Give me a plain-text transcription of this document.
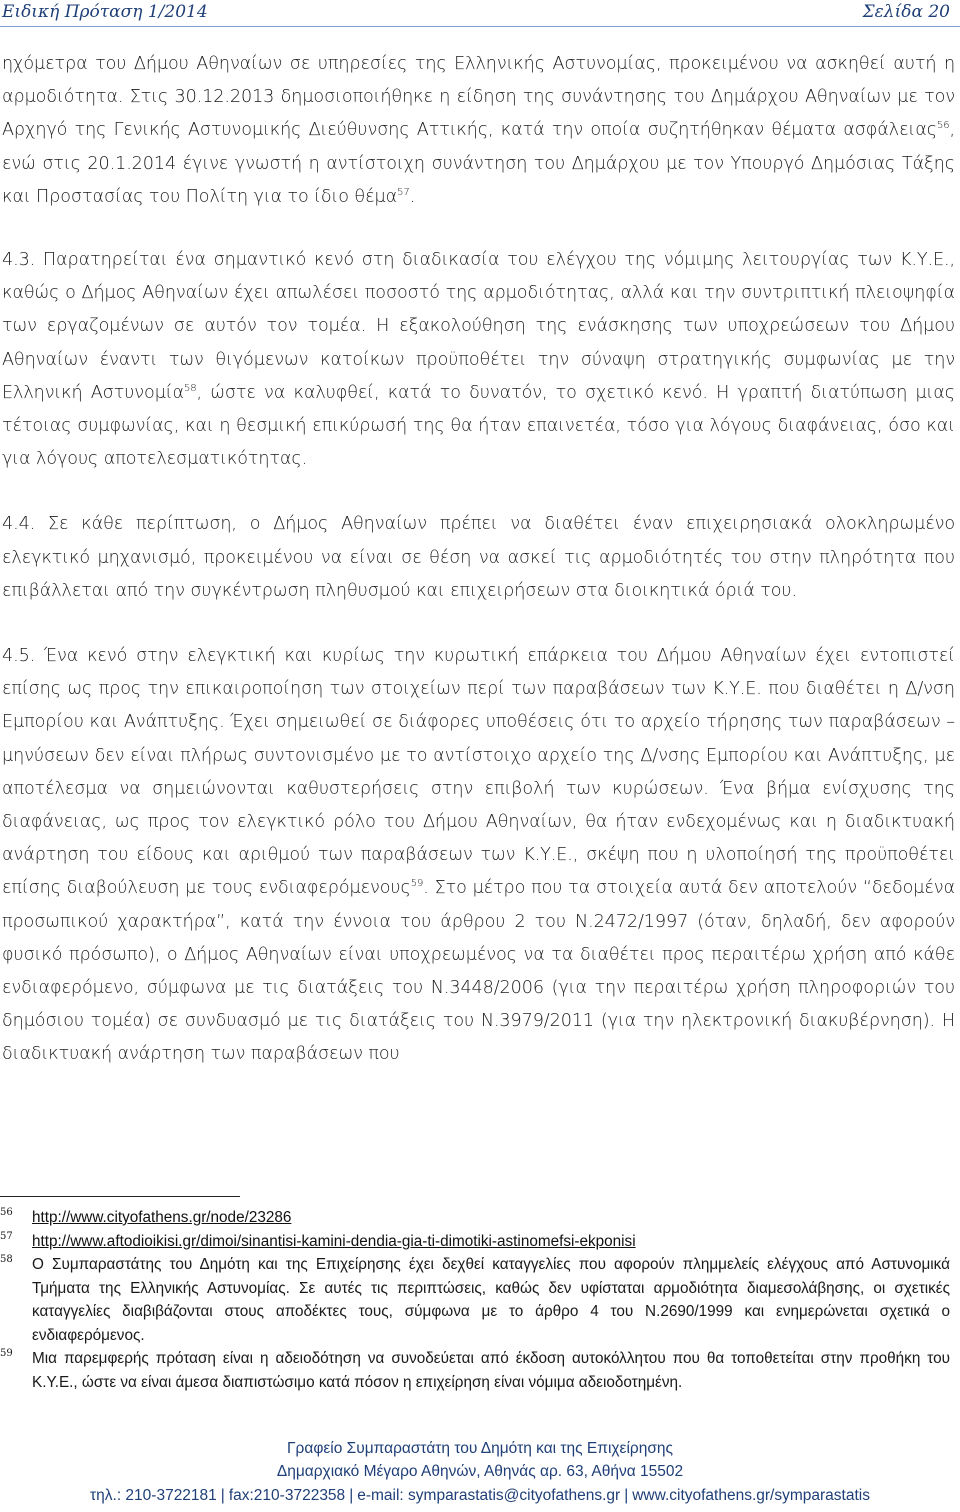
Ειδική Πρόταση 1/2014	Σελίδα 20

ηχόμετρα του Δήμου Αθηναίων σε υπηρεσίες της Ελληνικής Αστυνομίας, προκειμένου να ασκηθεί αυτή η αρμοδιότητα. Στις 30.12.2013 δημοσιοποιήθηκε η είδηση της συνάντησης του Δημάρχου Αθηναίων με τον Αρχηγό της Γενικής Αστυνομικής Διεύθυνσης Αττικής, κατά την οποία συζητήθηκαν θέματα ασφάλειας$^{56}$, ενώ στις 20.1.2014 έγινε γνωστή η αντίστοιχη συνάντηση του Δημάρχου με τον Υπουργό Δημόσιας Τάξης και Προστασίας του Πολίτη για το ίδιο θέμα$^{57}$.

4.3. Παρατηρείται ένα σημαντικό κενό στη διαδικασία του ελέγχου της νόμιμης λειτουργίας των Κ.Υ.Ε., καθώς ο Δήμος Αθηναίων έχει απωλέσει ποσοστό της αρμοδιότητας, αλλά και την συντριπτική πλειοψηφία των εργαζομένων σε αυτόν τον τομέα. Η εξακολούθηση της ενάσκησης των υποχρεώσεων του Δήμου Αθηναίων έναντι των θιγόμενων κατοίκων προϋποθέτει την σύναψη στρατηγικής συμφωνίας με την Ελληνική Αστυνομία$^{58}$, ώστε να καλυφθεί, κατά το δυνατόν, το σχετικό κενό. Η γραπτή διατύπωση μιας τέτοιας συμφωνίας, και η θεσμική επικύρωσή της θα ήταν επαινετέα, τόσο για λόγους διαφάνειας, όσο και για λόγους αποτελεσματικότητας.

4.4. Σε κάθε περίπτωση, ο Δήμος Αθηναίων πρέπει να διαθέτει έναν επιχειρησιακά ολοκληρωμένο ελεγκτικό μηχανισμό, προκειμένου να είναι σε θέση να ασκεί τις αρμοδιότητές του στην πληρότητα που επιβάλλεται από την συγκέντρωση πληθυσμού και επιχειρήσεων στα διοικητικά όριά του.

4.5. Ένα κενό στην ελεγκτική και κυρίως την κυρωτική επάρκεια του Δήμου Αθηναίων έχει εντοπιστεί επίσης ως προς την επικαιροποίηση των στοιχείων περί των παραβάσεων των Κ.Υ.Ε. που διαθέτει η Δ/νση Εμπορίου και Ανάπτυξης. Έχει σημειωθεί σε διάφορες υποθέσεις ότι το αρχείο τήρησης των παραβάσεων – μηνύσεων δεν είναι πλήρως συντονισμένο με το αντίστοιχο αρχείο της Δ/νσης Εμπορίου και Ανάπτυξης, με αποτέλεσμα να σημειώνονται καθυστερήσεις στην επιβολή των κυρώσεων. Ένα βήμα ενίσχυσης της διαφάνειας, ως προς τον ελεγκτικό ρόλο του Δήμου Αθηναίων, θα ήταν ενδεχομένως και η διαδικτυακή ανάρτηση του είδους και αριθμού των παραβάσεων των Κ.Υ.Ε., σκέψη που η υλοποίησή της προϋποθέτει επίσης διαβούλευση με τους ενδιαφερόμενους$^{59}$. Στο μέτρο που τα στοιχεία αυτά δεν αποτελούν “δεδομένα προσωπικού χαρακτήρα”, κατά την έννοια του άρθρου 2 του Ν.2472/1997 (όταν, δηλαδή, δεν αφορούν φυσικό πρόσωπο), ο Δήμος Αθηναίων είναι υποχρεωμένος να τα διαθέτει προς περαιτέρω χρήση από κάθε ενδιαφερόμενο, σύμφωνα με τις διατάξεις του Ν.3448/2006 (για την περαιτέρω χρήση πληροφοριών του δημόσιου τομέα) σε συνδυασμό με τις διατάξεις του Ν.3979/2011 (για την ηλεκτρονική διακυβέρνηση). Η διαδικτυακή ανάρτηση των παραβάσεων που

56 http://www.cityofathens.gr/node/23286
57 http://www.aftodioikisi.gr/dimoi/sinantisi-kamini-dendia-gia-ti-dimotiki-astinomefsi-ekponisi
58 Ο Συμπαραστάτης του Δημότη και της Επιχείρησης έχει δεχθεί καταγγελίες που αφορούν πλημμελείς ελέγχους από Αστυνομικά Τμήματα της Ελληνικής Αστυνομίας. Σε αυτές τις περιπτώσεις, καθώς δεν υφίσταται αρμοδιότητα διαμεσολάβησης, οι σχετικές καταγγελίες διαβιβάζονται στους αποδέκτες τους, σύμφωνα με το άρθρο 4 του Ν.2690/1999 και ενημερώνεται σχετικά ο ενδιαφερόμενος.
59 Μια παρεμφερής πρόταση είναι η αδειοδότηση να συνοδεύεται από έκδοση αυτοκόλλητου που θα τοποθετείται στην προθήκη του Κ.Υ.Ε., ώστε να είναι άμεσα διαπιστώσιμο κατά πόσον η επιχείρηση είναι νόμιμα αδειοδοτημένη.
Γραφείο Συμπαραστάτη του Δημότη και της Επιχείρησης
Δημαρχιακό Μέγαρο Αθηνών, Αθηνάς αρ. 63, Αθήνα 15502
τηλ.: 210-3722181 | fax:210-3722358 | e-mail: symparastatis@cityofathens.gr | www.cityofathens.gr/symparastatis
